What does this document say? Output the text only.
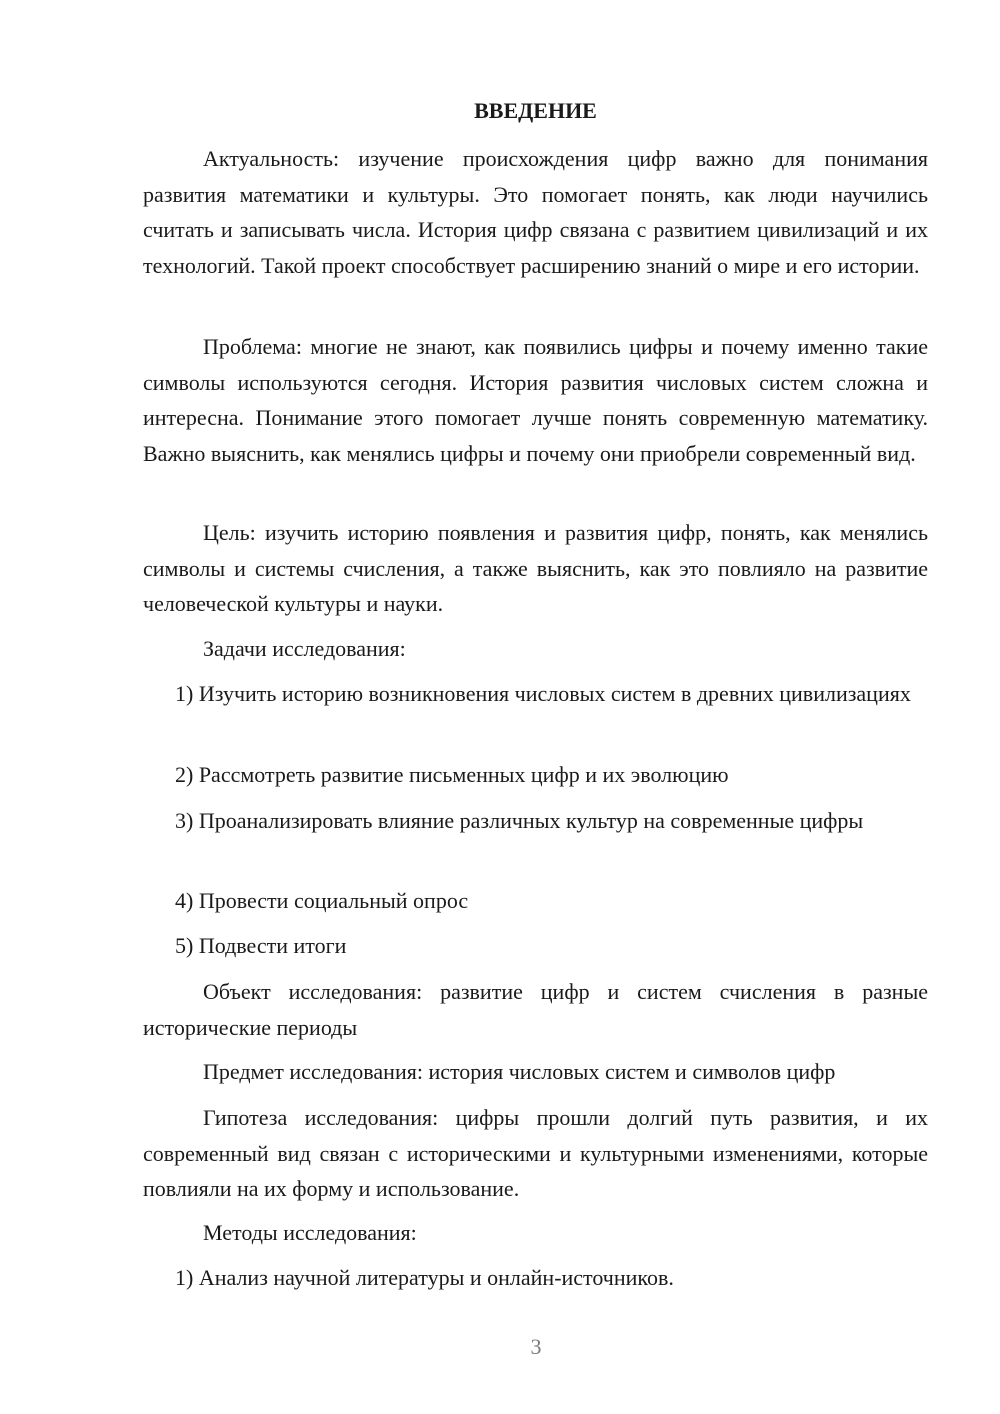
ВВЕДЕНИЕ

Актуальность: изучение происхождения цифр важно для понимания развития математики и культуры. Это помогает понять, как люди научились считать и записывать числа. История цифр связана с развитием цивилизаций и их технологий. Такой проект способствует расширению знаний о мире и его истории.

Проблема: многие не знают, как появились цифры и почему именно такие символы используются сегодня. История развития числовых систем сложна и интересна. Понимание этого помогает лучше понять современную математику. Важно выяснить, как менялись цифры и почему они приобрели современный вид.

Цель: изучить историю появления и развития цифр, понять, как менялись символы и системы счисления, а также выяснить, как это повлияло на развитие человеческой культуры и науки.

Задачи исследования:

1) Изучить историю возникновения числовых систем в древних цивилизациях

2) Рассмотреть развитие письменных цифр и их эволюцию

3) Проанализировать влияние различных культур на современные цифры

4) Провести социальный опрос

5) Подвести итоги

Объект исследования: развитие цифр и систем счисления в разные исторические периоды

Предмет исследования: история числовых систем и символов цифр

Гипотеза исследования: цифры прошли долгий путь развития, и их современный вид связан с историческими и культурными изменениями, которые повлияли на их форму и использование.

Методы исследования:

1) Анализ научной литературы и онлайн-источников.

3
